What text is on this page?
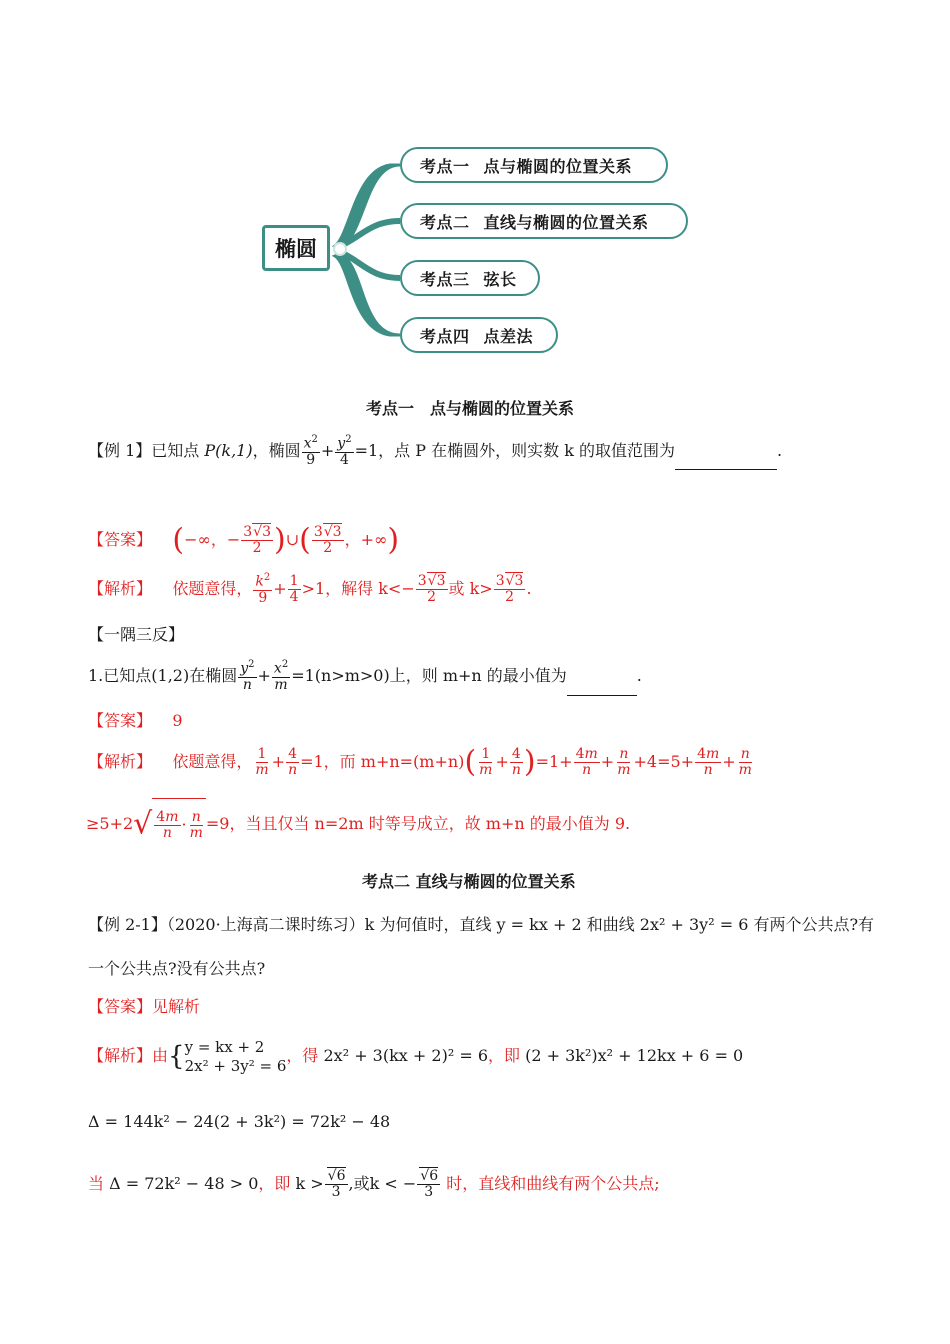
椭圆
考点一 点与椭圆的位置关系
考点二 直线与椭圆的位置关系
考点三 弦长
考点四 点差法
考点一　点与椭圆的位置关系
【例 1】已知点 P(k,1)，椭圆 $\frac{x^2}{9} + \frac{y^2}{4} =1$，点 P 在椭圆外，则实数 k 的取值范围为	.
【答案】 (−∞，− $\frac{3√3}{2}$ )∪( $\frac{3√3}{2}$ ，+∞)
【解析】 依题意得， $\frac{k^2}{9} + \frac{1}{4} >1$，解得 $k<- \frac{3√3}{2}$ 或 $k> \frac{3√3}{2}$ .
【一隅三反】
1.已知点(1,2)在椭圆 $\frac{y^2}{n} + \frac{x^2}{m} =1(n>m>0)$上，则 m+n 的最小值为	.
【答案】 9
【解析】 依题意得， $\frac{1}{m} + \frac{4}{n} =1$，而 $m+n=(m+n)( \frac{1}{m} + \frac{4}{n} )=1+ \frac{4m}{n} + \frac{n}{m} +4=5+ \frac{4m}{n} + \frac{n}{m}$
$\ge 5+2√ \frac{4m}{n} \cdot \frac{n}{m} =9$，当且仅当 n=2m 时等号成立，故 m+n 的最小值为 9.
考点二 直线与椭圆的位置关系
【例 2-1】（2020·上海高二课时练习）k 为何值时，直线 y = kx + 2 和曲线 2x² + 3y² = 6 有两个公共点?有
一个公共点?没有公共点?
【答案】见解析
【解析】由{ y = kx + 2
2x² + 3y² = 6
，得 2x² + 3(kx + 2)² = 6，即 (2 + 3k²)x² + 12kx + 6 = 0
Δ = 144k² − 24(2 + 3k²) = 72k² − 48
当 Δ = 72k² − 48 > 0，即 $k > \frac{√6}{3}$ ,或k < − $\frac{√6}{3}$ 时，直线和曲线有两个公共点;
